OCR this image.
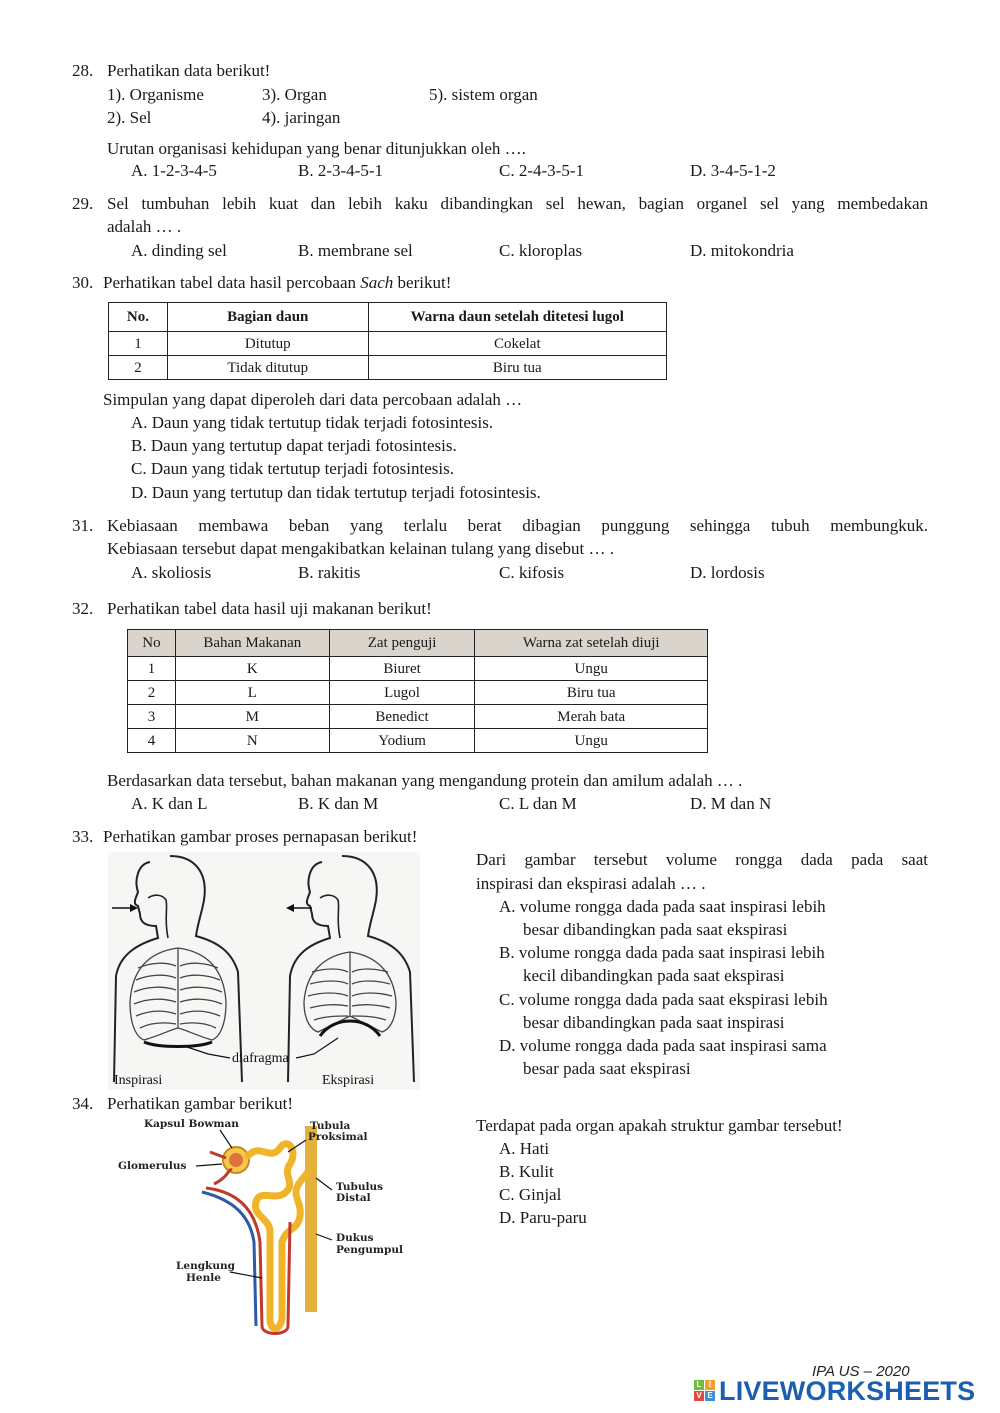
28. Perhatikan data berikut!
1). Organisme	3). Organ	5). sistem organ
2). Sel	4). jaringan
Urutan organisasi kehidupan yang benar ditunjukkan oleh ….
A. 1-2-3-4-5	B. 2-3-4-5-1	C. 2-4-3-5-1	D. 3-4-5-1-2
29. Sel tumbuhan lebih kuat dan lebih kaku dibandingkan sel hewan, bagian organel sel yang membedakan
adalah … .
A. dinding sel	B. membrane sel	C. kloroplas	D. mitokondria
30. Perhatikan tabel data hasil percobaan Sach berikut!
No.	Bagian daun	Warna daun setelah ditetesi lugol
1	Ditutup	Cokelat
2	Tidak ditutup	Biru tua
Simpulan yang dapat diperoleh dari data percobaan adalah …
A. Daun yang tidak tertutup tidak terjadi fotosintesis.
B. Daun yang tertutup dapat terjadi fotosintesis.
C. Daun yang tidak tertutup terjadi fotosintesis.
D. Daun yang tertutup dan tidak tertutup terjadi fotosintesis.
31. Kebiasaan membawa beban yang terlalu berat dibagian punggung sehingga tubuh membungkuk.
Kebiasaan tersebut dapat mengakibatkan kelainan tulang yang disebut … .
A. skoliosis	B. rakitis	C. kifosis	D. lordosis
32. Perhatikan tabel data hasil uji makanan berikut!
No	Bahan Makanan	Zat penguji	Warna zat setelah diuji
1	K	Biuret	Ungu
2	L	Lugol	Biru tua
3	M	Benedict	Merah bata
4	N	Yodium	Ungu
Berdasarkan data tersebut, bahan makanan yang mengandung protein dan amilum adalah … .
A. K dan L	B. K dan M	C. L dan M	D. M dan N
33. Perhatikan gambar proses pernapasan berikut!
diafragma
Inspirasi	Ekspirasi
Dari gambar tersebut volume rongga dada pada saat
inspirasi dan ekspirasi adalah … .
A. volume rongga dada pada saat inspirasi lebih
besar dibandingkan pada saat ekspirasi
B. volume rongga dada pada saat inspirasi lebih
kecil dibandingkan pada saat ekspirasi
C. volume rongga dada pada saat ekspirasi lebih
besar dibandingkan pada saat inspirasi
D. volume rongga dada pada saat inspirasi sama
besar pada saat ekspirasi
34. Perhatikan gambar berikut!
Kapsul Bowman	Tubula
Proksimal
Glomerulus
Tubulus
Distal
Dukus
Pengumpul
Lengkung
Henle
Terdapat pada organ apakah struktur gambar tersebut!
A. Hati
B. Kulit
C. Ginjal
D. Paru-paru
IPA US – 2020
L I
V E LIVEWORKSHEETS
